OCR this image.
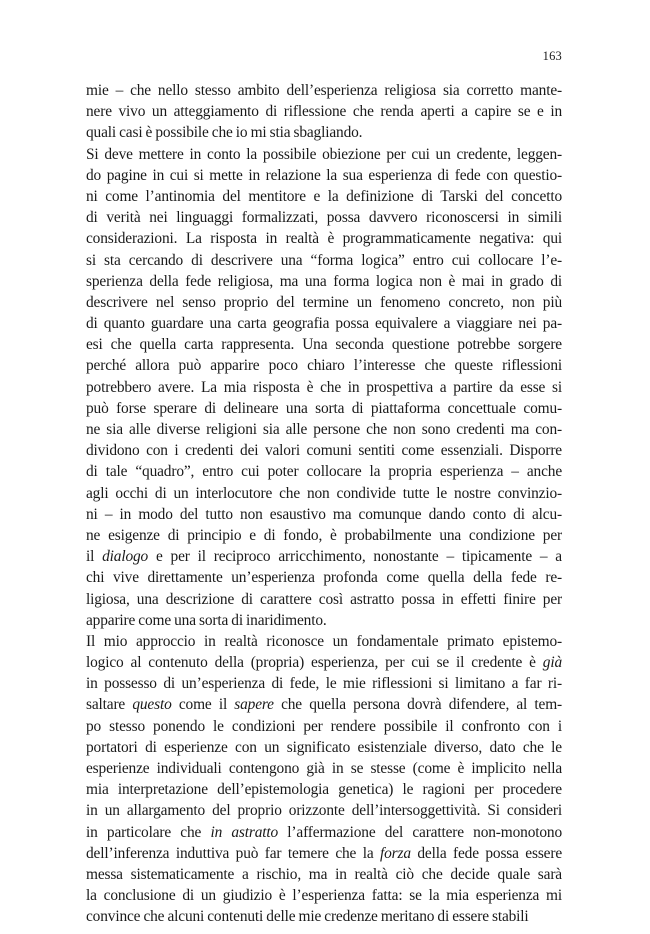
163
mie – che nello stesso ambito dell’esperienza religiosa sia corretto mante-
nere vivo un atteggiamento di riflessione che renda aperti a capire se e in
quali casi è possibile che io mi stia sbagliando.
Si deve mettere in conto la possibile obiezione per cui un credente, leggen-
do pagine in cui si mette in relazione la sua esperienza di fede con questio-
ni come l’antinomia del mentitore e la definizione di Tarski del concetto
di verità nei linguaggi formalizzati, possa davvero riconoscersi in simili
considerazioni. La risposta in realtà è programmaticamente negativa: qui
si sta cercando di descrivere una “forma logica” entro cui collocare l’e-
sperienza della fede religiosa, ma una forma logica non è mai in grado di
descrivere nel senso proprio del termine un fenomeno concreto, non più
di quanto guardare una carta geografia possa equivalere a viaggiare nei pa-
esi che quella carta rappresenta. Una seconda questione potrebbe sorgere
perché allora può apparire poco chiaro l’interesse che queste riflessioni
potrebbero avere. La mia risposta è che in prospettiva a partire da esse si
può forse sperare di delineare una sorta di piattaforma concettuale comu-
ne sia alle diverse religioni sia alle persone che non sono credenti ma con-
dividono con i credenti dei valori comuni sentiti come essenziali. Disporre
di tale “quadro”, entro cui poter collocare la propria esperienza – anche
agli occhi di un interlocutore che non condivide tutte le nostre convinzio-
ni – in modo del tutto non esaustivo ma comunque dando conto di alcu-
ne esigenze di principio e di fondo, è probabilmente una condizione per
il dialogo e per il reciproco arricchimento, nonostante – tipicamente – a
chi vive direttamente un’esperienza profonda come quella della fede re-
ligiosa, una descrizione di carattere così astratto possa in effetti finire per
apparire come una sorta di inaridimento.
Il mio approccio in realtà riconosce un fondamentale primato epistemo-
logico al contenuto della (propria) esperienza, per cui se il credente è già
in possesso di un’esperienza di fede, le mie riflessioni si limitano a far ri-
saltare questo come il sapere che quella persona dovrà difendere, al tem-
po stesso ponendo le condizioni per rendere possibile il confronto con i
portatori di esperienze con un significato esistenziale diverso, dato che le
esperienze individuali contengono già in se stesse (come è implicito nella
mia interpretazione dell’epistemologia genetica) le ragioni per procedere
in un allargamento del proprio orizzonte dell’intersoggettività. Si consideri
in particolare che in astratto l’affermazione del carattere non-monotono
dell’inferenza induttiva può far temere che la forza della fede possa essere
messa sistematicamente a rischio, ma in realtà ciò che decide quale sarà
la conclusione di un giudizio è l’esperienza fatta: se la mia esperienza mi
convince che alcuni contenuti delle mie credenze meritano di essere stabili
